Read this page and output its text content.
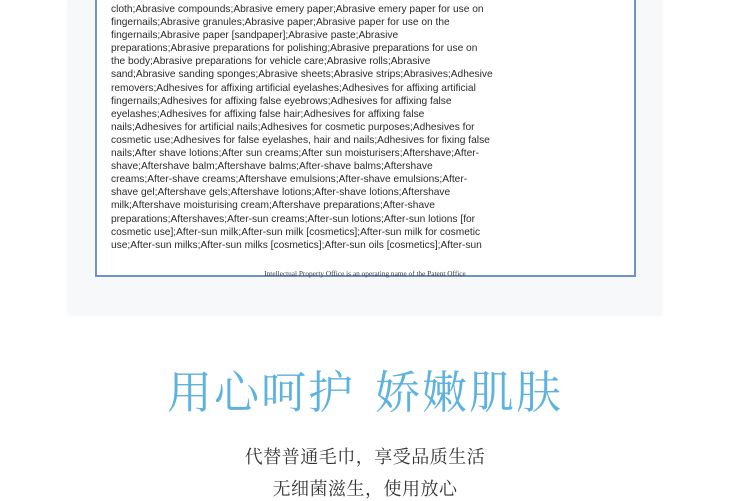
cloth;Abrasive compounds;Abrasive emery paper;Abrasive emery paper for use on
fingernails;Abrasive granules;Abrasive paper;Abrasive paper for use on the
fingernails;Abrasive paper [sandpaper];Abrasive paste;Abrasive
preparations;Abrasive preparations for polishing;Abrasive preparations for use on
the body;Abrasive preparations for vehicle care;Abrasive rolls;Abrasive
sand;Abrasive sanding sponges;Abrasive sheets;Abrasive strips;Abrasives;Adhesive
removers;Adhesives for affixing artificial eyelashes;Adhesives for affixing artificial
fingernails;Adhesives for affixing false eyebrows;Adhesives for affixing false
eyelashes;Adhesives for affixing false hair;Adhesives for affixing false
nails;Adhesives for artificial nails;Adhesives for cosmetic purposes;Adhesives for
cosmetic use;Adhesives for false eyelashes, hair and nails;Adhesives for fixing false
nails;After shave lotions;After sun creams;After sun moisturisers;Aftershave;After-
shave;Aftershave balm;Aftershave balms;After-shave balms;Aftershave
creams;After-shave creams;Aftershave emulsions;After-shave emulsions;After-
shave gel;Aftershave gels;Aftershave lotions;After-shave lotions;Aftershave
milk;Aftershave moisturising cream;Aftershave preparations;After-shave
preparations;Aftershaves;After-sun creams;After-sun lotions;After-sun lotions [for
cosmetic use];After-sun milk;After-sun milk [cosmetics];After-sun milk for cosmetic
use;After-sun milks;After-sun milks [cosmetics];After-sun oils [cosmetics];After-sun
Intellectual Property Office is an operating name of the Patent Office
用心呵护 娇嫩肌肤
代替普通毛巾，享受品质生活
无细菌滋生，使用放心
